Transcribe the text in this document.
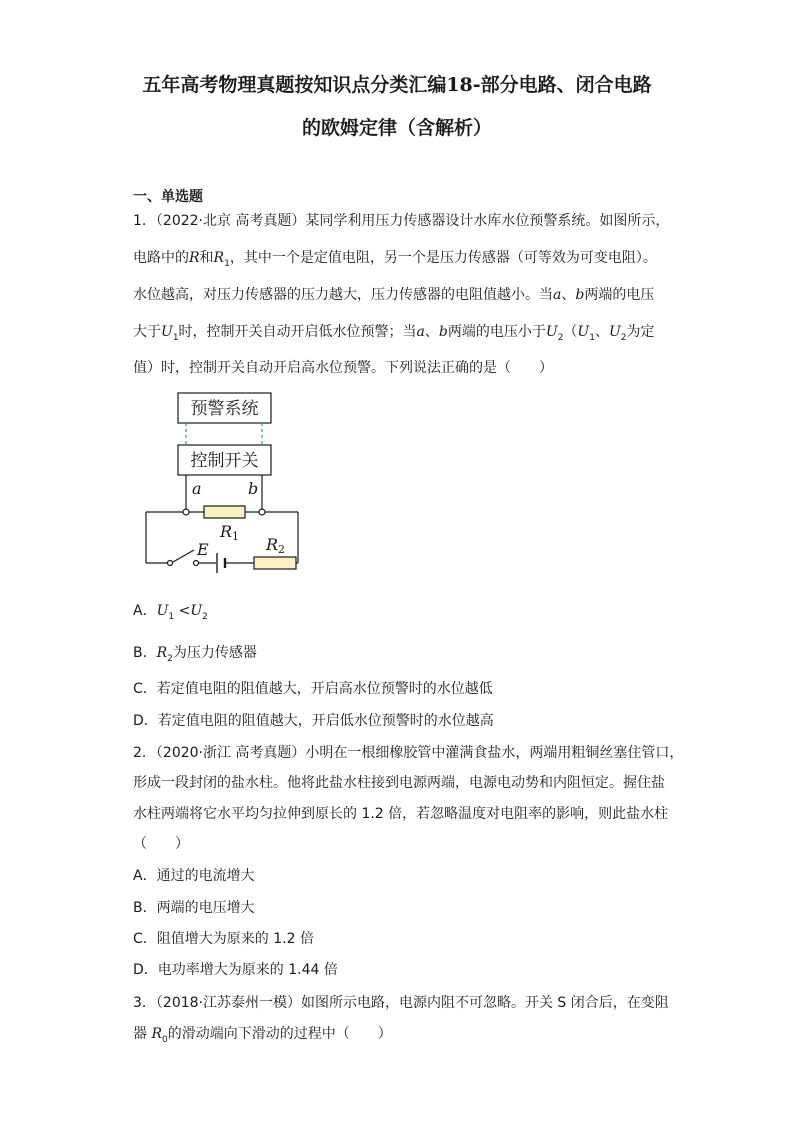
五年高考物理真题按知识点分类汇编18-部分电路、闭合电路
的欧姆定律（含解析）
一、单选题
1．（2022·北京 高考真题）某同学利用压力传感器设计水库水位预警系统。如图所示，
电路中的R和$R_1$，其中一个是定值电阻，另一个是压力传感器（可等效为可变电阻）。
水位越高，对压力传感器的压力越大，压力传感器的电阻值越小。当a、b两端的电压
大于$U_1$时，控制开关自动开启低水位预警；当a、b两端的电压小于$U_2(U_1$、$U_2$为定
值）时，控制开关自动开启高水位预警。下列说法正确的是（　　）
预警系统
控制开关
a	b
R1 R2
E
A．$U_1 <U_2$
B．$R_2$为压力传感器
C．若定值电阻的阻值越大，开启高水位预警时的水位越低
D．若定值电阻的阻值越大，开启低水位预警时的水位越高
2．（2020·浙江 高考真题）小明在一根细橡胶管中灌满食盐水，两端用粗铜丝塞住管口，
形成一段封闭的盐水柱。他将此盐水柱接到电源两端，电源电动势和内阻恒定。握住盐
水柱两端将它水平均匀拉伸到原长的 1.2 倍，若忽略温度对电阻率的影响，则此盐水柱
（　　）
A．通过的电流增大
B．两端的电压增大
C．阻值增大为原来的 1.2 倍
D．电功率增大为原来的 1.44 倍
3．（2018·江苏泰州一模）如图所示电路，电源内阻不可忽略。开关 S 闭合后，在变阻
器 $R_0$的滑动端向下滑动的过程中（　　）
